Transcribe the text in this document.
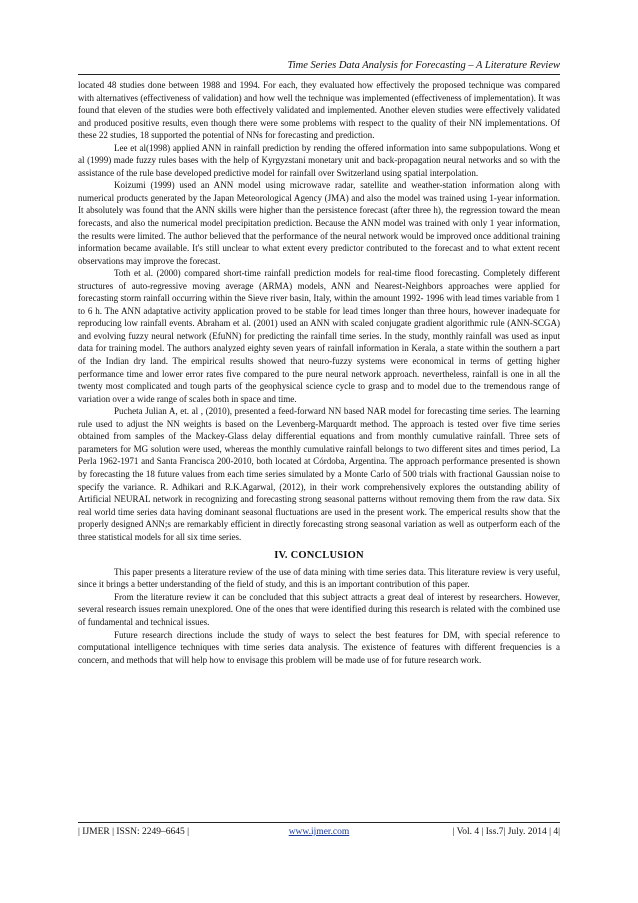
Time Series Data Analysis for Forecasting – A Literature Review

located 48 studies done between 1988 and 1994. For each, they evaluated how effectively the proposed technique was compared with alternatives (effectiveness of validation) and how well the technique was implemented (effectiveness of implementation). It was found that eleven of the studies were both effectively validated and implemented. Another eleven studies were effectively validated and produced positive results, even though there were some problems with respect to the quality of their NN implementations. Of these 22 studies, 18 supported the potential of NNs for forecasting and prediction.

Lee et al(1998) applied ANN in rainfall prediction by rending the offered information into same subpopulations. Wong et al (1999) made fuzzy rules bases with the help of Kyrgyzstani monetary unit and back-propagation neural networks and so with the assistance of the rule base developed predictive model for rainfall over Switzerland using spatial interpolation.

Koizumi (1999) used an ANN model using microwave radar, satellite and weather-station information along with numerical products generated by the Japan Meteorological Agency (JMA) and also the model was trained using 1-year information. It absolutely was found that the ANN skills were higher than the persistence forecast (after three h), the regression toward the mean forecasts, and also the numerical model precipitation prediction. Because the ANN model was trained with only 1 year information, the results were limited. The author believed that the performance of the neural network would be improved once additional training information became available. It's still unclear to what extent every predictor contributed to the forecast and to what extent recent observations may improve the forecast.

Toth et al. (2000) compared short-time rainfall prediction models for real-time flood forecasting. Completely different structures of auto-regressive moving average (ARMA) models, ANN and Nearest-Neighbors approaches were applied for forecasting storm rainfall occurring within the Sieve river basin, Italy, within the amount 1992- 1996 with lead times variable from 1 to 6 h. The ANN adaptative activity application proved to be stable for lead times longer than three hours, however inadequate for reproducing low rainfall events. Abraham et al. (2001) used an ANN with scaled conjugate gradient algorithmic rule (ANN-SCGA) and evolving fuzzy neural network (EfuNN) for predicting the rainfall time series. In the study, monthly rainfall was used as input data for training model. The authors analyzed eighty seven years of rainfall information in Kerala, a state within the southern a part of the Indian dry land. The empirical results showed that neuro-fuzzy systems were economical in terms of getting higher performance time and lower error rates five compared to the pure neural network approach. nevertheless, rainfall is one in all the twenty most complicated and tough parts of the geophysical science cycle to grasp and to model due to the tremendous range of variation over a wide range of scales both in space and time.

Pucheta Julian A, et. al , (2010), presented a feed-forward NN based NAR model for forecasting time series. The learning rule used to adjust the NN weights is based on the Levenberg-Marquardt method. The approach is tested over five time series obtained from samples of the Mackey-Glass delay differential equations and from monthly cumulative rainfall. Three sets of parameters for MG solution were used, whereas the monthly cumulative rainfall belongs to two different sites and times period, La Perla 1962-1971 and Santa Francisca 200-2010, both located at Córdoba, Argentina. The approach performance presented is shown by forecasting the 18 future values from each time series simulated by a Monte Carlo of 500 trials with fractional Gaussian noise to specify the variance. R. Adhikari and R.K.Agarwal, (2012), in their work comprehensively explores the outstanding ability of Artificial NEURAL network in recognizing and forecasting strong seasonal patterns without removing them from the raw data. Six real world time series data having dominant seasonal fluctuations are used in the present work. The emperical results show that the properly designed ANN;s are remarkably efficient in directly forecasting strong seasonal variation as well as outperform each of the three statistical models for all six time series.

IV. CONCLUSION

This paper presents a literature review of the use of data mining with time series data. This literature review is very useful, since it brings a better understanding of the field of study, and this is an important contribution of this paper.

From the literature review it can be concluded that this subject attracts a great deal of interest by researchers. However, several research issues remain unexplored. One of the ones that were identified during this research is related with the combined use of fundamental and technical issues.

Future research directions include the study of ways to select the best features for DM, with special reference to computational intelligence techniques with time series data analysis. The existence of features with different frequencies is a concern, and methods that will help how to envisage this problem will be made use of for future research work.

| IJMER | ISSN: 2249–6645 |	www.ijmer.com	| Vol. 4 | Iss.7| July. 2014 | 4|
